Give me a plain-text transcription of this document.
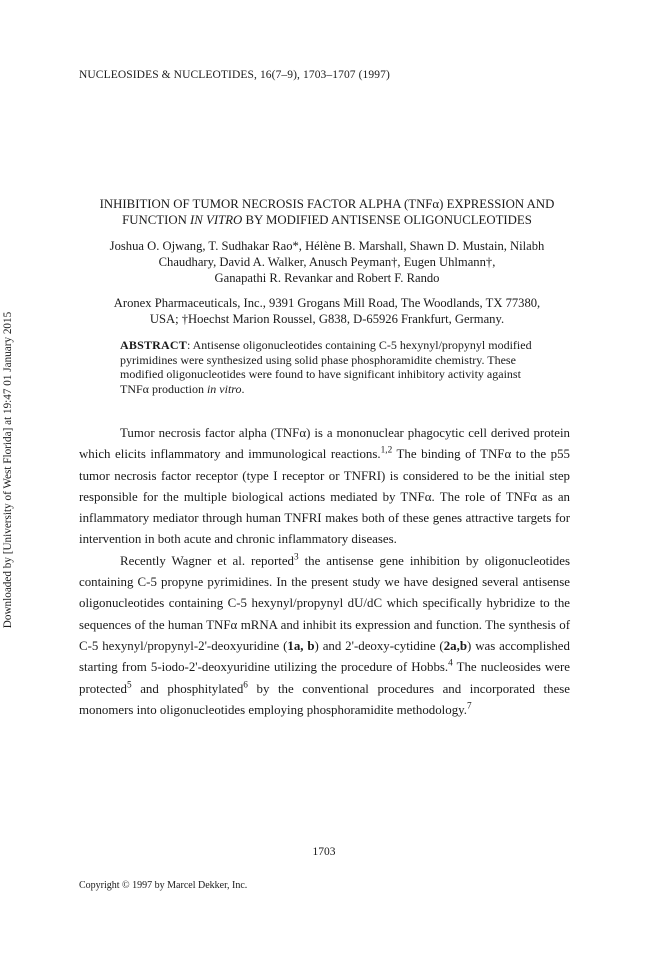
NUCLEOSIDES & NUCLEOTIDES, 16(7–9), 1703–1707 (1997)
Downloaded by [University of West Florida] at 19:47 01 January 2015
INHIBITION OF TUMOR NECROSIS FACTOR ALPHA (TNFα) EXPRESSION AND
FUNCTION IN VITRO BY MODIFIED ANTISENSE OLIGONUCLEOTIDES
Joshua O. Ojwang, T. Sudhakar Rao*, Hélène B. Marshall, Shawn D. Mustain, Nilabh
Chaudhary, David A. Walker, Anusch Peyman†, Eugen Uhlmann†,
Ganapathi R. Revankar and Robert F. Rando
Aronex Pharmaceuticals, Inc., 9391 Grogans Mill Road, The Woodlands, TX 77380,
USA; †Hoechst Marion Roussel, G838, D-65926 Frankfurt, Germany.
ABSTRACT: Antisense oligonucleotides containing C-5 hexynyl/propynyl modified pyrimidines were synthesized using solid phase phosphoramidite chemistry. These modified oligonucleotides were found to have significant inhibitory activity against TNFα production in vitro.

Tumor necrosis factor alpha (TNFα) is a mononuclear phagocytic cell derived protein which elicits inflammatory and immunological reactions.$^{1,2}$ The binding of TNFα to the p55 tumor necrosis factor receptor (type I receptor or TNFRI) is considered to be the initial step responsible for the multiple biological actions mediated by TNFα. The role of TNFα as an inflammatory mediator through human TNFRI makes both of these genes attractive targets for intervention in both acute and chronic inflammatory diseases.

Recently Wagner et al. reported$^3$ the antisense gene inhibition by oligonucleotides containing C-5 propyne pyrimidines. In the present study we have designed several antisense oligonucleotides containing C-5 hexynyl/propynyl dU/dC which specifically hybridize to the sequences of the human TNFα mRNA and inhibit its expression and function. The synthesis of C-5 hexynyl/propynyl-2'-deoxyuridine (1a, b) and 2'-deoxy-cytidine (2a,b) was accomplished starting from 5-iodo-2'-deoxyuridine utilizing the procedure of Hobbs.$^4$ The nucleosides were protected$^5$ and phosphitylated$^6$ by the conventional procedures and incorporated these monomers into oligonucleotides employing phosphoramidite methodology.$^7$

1703
Copyright © 1997 by Marcel Dekker, Inc.
